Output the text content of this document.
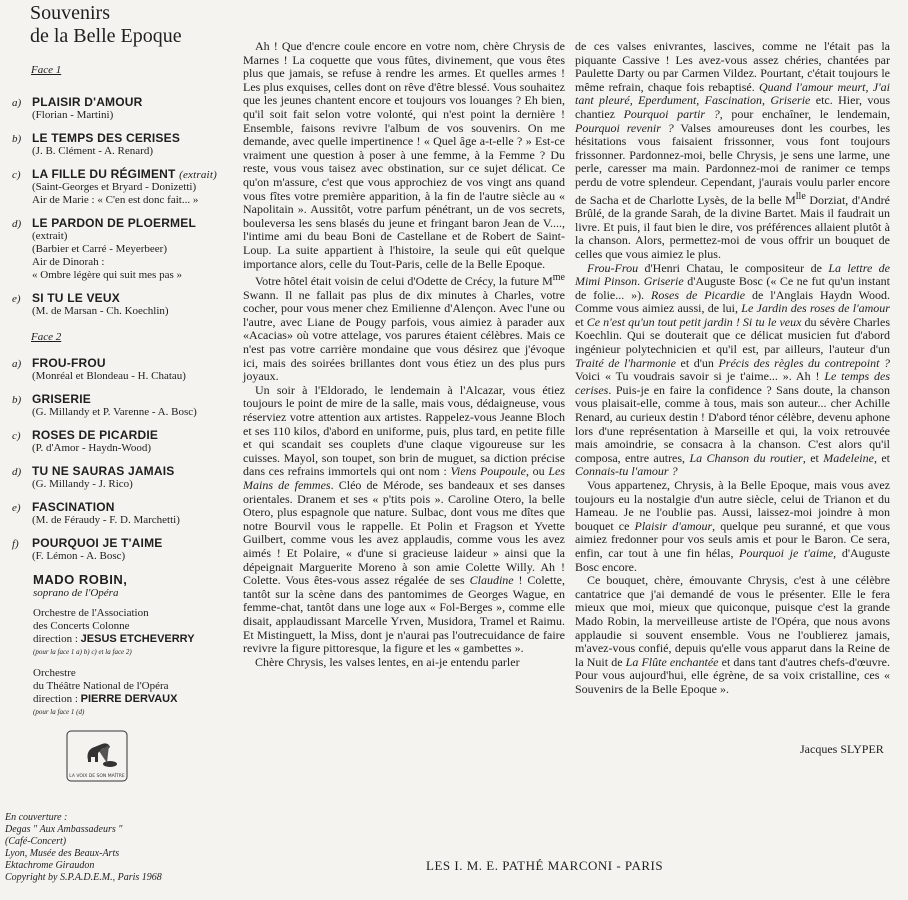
Souvenirs
de la Belle Epoque
Face 1
a) PLAISIR D'AMOUR
(Florian - Martini)
b) LE TEMPS DES CERISES
(J. B. Clément - A. Renard)
c) LA FILLE DU RÉGIMENT (extrait)
(Saint-Georges et Bryard - Donizetti)
Air de Marie : « C'en est donc fait... »
d) LE PARDON DE PLOERMEL
(extrait)
(Barbier et Carré - Meyerbeer)
Air de Dinorah :
« Ombre légère qui suit mes pas »
e) SI TU LE VEUX
(M. de Marsan - Ch. Koechlin)
Face 2
a) FROU-FROU
(Monréal et Blondeau - H. Chatau)
b) GRISERIE
(G. Millandy et P. Varenne - A. Bosc)
c) ROSES DE PICARDIE
(P. d'Amor - Haydn-Wood)
d) TU NE SAURAS JAMAIS
(G. Millandy - J. Rico)
e) FASCINATION
(M. de Féraudy - F. D. Marchetti)
f)	POURQUOI JE T'AIME
(F. Lémon - A. Bosc)
MADO ROBIN,
soprano de l'Opéra
Orchestre de l'Association
des Concerts Colonne
direction : JESUS ETCHEVERRY
(pour la face 1 a) b) c) et la face 2)
Orchestre
du Théâtre National de l'Opéra
direction : PIERRE DERVAUX
(pour la face 1 (d)
LA VOIX DE SON MAÎTRE
En couverture :
Degas " Aux Ambassadeurs "
(Café-Concert)
Lyon, Musée des Beaux-Arts
Ektachrome Giraudon
Copyright by S.P.A.D.E.M., Paris 1968

Ah ! Que d'encre coule encore en votre nom, chère Chrysis de Marnes ! La coquette que vous fûtes, divinement, que vous êtes plus que jamais, se refuse à rendre les armes. Et quelles armes ! Les plus exquises, celles dont on rêve d'être blessé. Vous souhaitez que les jeunes chantent encore et toujours vos louanges ? Eh bien, qu'il soit fait selon votre volonté, qui n'est point la dernière ! Ensemble, faisons revivre l'album de vos souvenirs. On me demande, avec quelle impertinence ! « Quel âge a-t-elle ? » Est-ce vraiment une question à poser à une femme, à la Femme ? Du reste, vous vous taisez avec obstination, sur ce sujet délicat. Ce qu'on m'assure, c'est que vous approchiez de vos vingt ans quand vous fîtes votre première apparition, à la fin de l'autre siècle au « Napolitain ». Aussitôt, votre parfum pénétrant, un de vos secrets, bouleversa les sens blasés du jeune et fringant baron Jean de V...., l'intime ami du beau Boni de Castellane et de Robert de Saint-Loup. La suite appartient à l'histoire, la seule qui eût quelque importance alors, celle du Tout-Paris, celle de la Belle Epoque.

Votre hôtel était voisin de celui d'Odette de Crécy, la future $M^{me}$ Swann. Il ne fallait pas plus de dix minutes à Charles, votre cocher, pour vous mener chez Emilienne d'Alençon. Avec l'une ou l'autre, avec Liane de Pougy parfois, vous aimiez à parader aux «Acacias» où votre attelage, vos parures étaient célèbres. Mais ce n'est pas votre carrière mondaine que vous désirez que j'évoque ici, mais des soirées brillantes dont vous étiez un des plus purs joyaux.

Un soir à l'Eldorado, le lendemain à l'Alcazar, vous étiez toujours le point de mire de la salle, mais vous, dédaigneuse, vous réserviez votre attention aux artistes. Rappelez-vous Jeanne Bloch et ses 110 kilos, d'abord en uniforme, puis, plus tard, en petite fille et qui scandait ses couplets d'une claque vigoureuse sur les cuisses. Mayol, son toupet, son brin de muguet, sa diction précise dans ces refrains immortels qui ont nom : Viens Poupoule, ou Les Mains de femmes. Cléo de Mérode, ses bandeaux et ses danses orientales. Dranem et ses « p'tits pois ». Caroline Otero, la belle Otero, plus espagnole que nature. Sulbac, dont vous me dîtes que notre Bourvil vous le rappelle. Et Polin et Fragson et Yvette Guilbert, comme vous les avez applaudis, comme vous les avez aimés ! Et Polaire, « d'une si gracieuse laideur » ainsi que la dépeignait Marguerite Moreno à son amie Colette Willy. Ah ! Colette. Vous êtes-vous assez régalée de ses Claudine ! Colette, tantôt sur la scène dans des pantomimes de Georges Wague, en femme-chat, tantôt dans une loge aux « Fol-Berges », comme elle disait, applaudissant Marcelle Yrven, Musidora, Tramel et Raimu. Et Mistinguett, la Miss, dont je n'aurai pas l'outrecuidance de faire revivre la figure pittoresque, la figure et les « gambettes ».

Chère Chrysis, les valses lentes, en ai-je entendu parler

de ces valses enivrantes, lascives, comme ne l'était pas la piquante Cassive ! Les avez-vous assez chéries, chantées par Paulette Darty ou par Carmen Vildez. Pourtant, c'était toujours le même refrain, chaque fois rebaptisé. Quand l'amour meurt, J'ai tant pleuré, Eperdument, Fascination, Griserie etc. Hier, vous chantiez Pourquoi partir ?, pour enchaîner, le lendemain, Pourquoi revenir ? Valses amoureuses dont les courbes, les hésitations vous faisaient frissonner, vous font toujours frissonner. Pardonnez-moi, belle Chrysis, je sens une larme, une perle, caresser ma main. Pardonnez-moi de ranimer ce temps perdu de votre splendeur. Cependant, j'aurais voulu parler encore de Sacha et de Charlotte Lysès, de la belle $M^{lle}$ Dorziat, d'André Brûlé, de la grande Sarah, de la divine Bartet. Mais il faudrait un livre. Et puis, il faut bien le dire, vos préférences allaient plutôt à la chanson. Alors, permettez-moi de vous offrir un bouquet de celles que vous aimiez le plus.

Frou-Frou d'Henri Chatau, le compositeur de La lettre de Mimi Pinson. Griserie d'Auguste Bosc (« Ce ne fut qu'un instant de folie... »). Roses de Picardie de l'Anglais Haydn Wood. Comme vous aimiez aussi, de lui, Le Jardin des roses de l'amour et Ce n'est qu'un tout petit jardin ! Si tu le veux du sévère Charles Koechlin. Qui se douterait que ce délicat musicien fut d'abord ingénieur polytechnicien et qu'il est, par ailleurs, l'auteur d'un Traité de l'harmonie et d'un Précis des règles du contrepoint ? Voici « Tu voudrais savoir si je t'aime... ». Ah ! Le temps des cerises. Puis-je en faire la confidence ? Sans doute, la chanson vous plaisait-elle, comme à tous, mais son auteur... cher Achille Renard, au curieux destin ! D'abord ténor célèbre, devenu aphone lors d'une représentation à Marseille et qui, la voix retrouvée mais amoindrie, se consacra à la chanson. C'est alors qu'il composa, entre autres, La Chanson du routier, et Madeleine, et Connais-tu l'amour ?

Vous appartenez, Chrysis, à la Belle Epoque, mais vous avez toujours eu la nostalgie d'un autre siècle, celui de Trianon et du Hameau. Je ne l'oublie pas. Aussi, laissez-moi joindre à mon bouquet ce Plaisir d'amour, quelque peu suranné, et que vous aimiez fredonner pour vos seuls amis et pour le Baron. Ce sera, enfin, car tout à une fin hélas, Pourquoi je t'aime, d'Auguste Bosc encore.

Ce bouquet, chère, émouvante Chrysis, c'est à une célèbre cantatrice que j'ai demandé de vous le présenter. Elle le fera mieux que moi, mieux que quiconque, puisque c'est la grande Mado Robin, la merveilleuse artiste de l'Opéra, que nous avons applaudie si souvent ensemble. Vous ne l'oublierez jamais, m'avez-vous confié, depuis qu'elle vous apparut dans la Reine de la Nuit de La Flûte enchantée et dans tant d'autres chefs-d'œuvre. Pour vous aujourd'hui, elle égrène, de sa voix cristalline, ces « Souvenirs de la Belle Epoque ».

Jacques SLYPER
LES I. M. E. PATHÉ MARCONI - PARIS
